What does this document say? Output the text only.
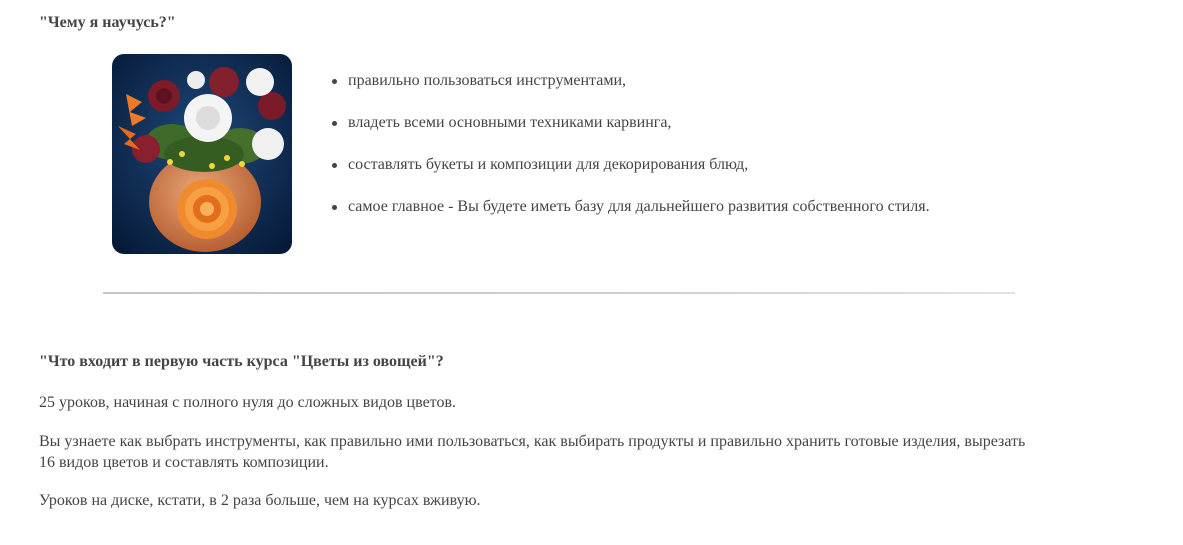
"Чему я научусь?"
правильно пользоваться инструментами,
владеть всеми основными техниками карвинга,
составлять букеты и композиции для декорирования блюд,
самое главное - Вы будете иметь базу для дальнейшего развития собственного стиля.
"Что входит в первую часть курса "Цветы из овощей"?

25 уроков, начиная с полного нуля до сложных видов цветов.

Вы узнаете как выбрать инструменты, как правильно ими пользоваться, как выбирать продукты и правильно хранить готовые изделия, вырезать 16 видов цветов и составлять композиции.

Уроков на диске, кстати, в 2 раза больше, чем на курсах вживую.
